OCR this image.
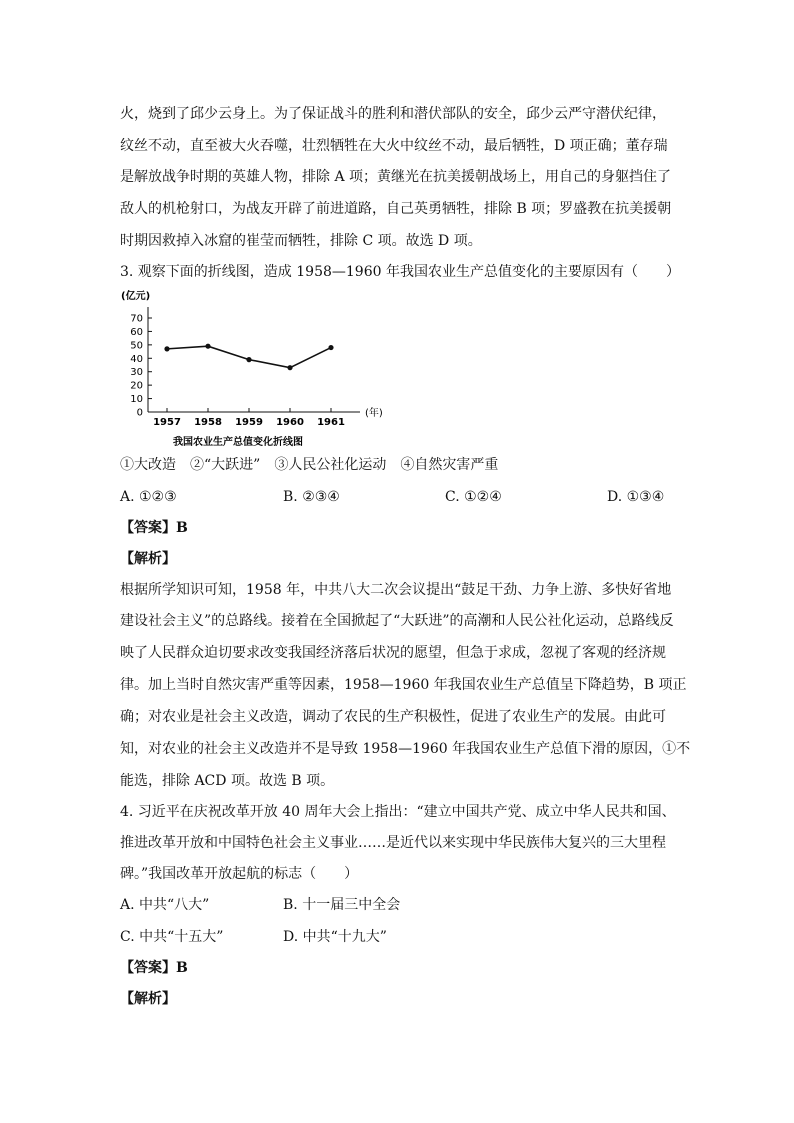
火，烧到了邱少云身上。为了保证战斗的胜利和潜伏部队的安全，邱少云严守潜伏纪律，
纹丝不动，直至被大火吞噬，壮烈牺牲在大火中纹丝不动，最后牺牲，D 项正确；董存瑞
是解放战争时期的英雄人物，排除 A 项；黄继光在抗美援朝战场上，用自己的身躯挡住了
敌人的机枪射口，为战友开辟了前进道路，自己英勇牺牲，排除 B 项；罗盛教在抗美援朝
时期因救掉入冰窟的崔莹而牺牲，排除 C 项。故选 D 项。
3. 观察下面的折线图，造成 1958—1960 年我国农业生产总值变化的主要原因有（　　）
(亿元)
0
10
20
30
40
50
60
70
1957 1958 1959 1960 1961
(年)
我国农业生产总值变化折线图
①大改造　②“大跃进”　③人民公社化运动　④自然灾害严重
A. ①②③	B. ②③④	C. ①②④	D. ①③④
【答案】B
【解析】
根据所学知识可知，1958 年，中共八大二次会议提出“鼓足干劲、力争上游、多快好省地
建设社会主义”的总路线。接着在全国掀起了“大跃进”的高潮和人民公社化运动，总路线反
映了人民群众迫切要求改变我国经济落后状况的愿望，但急于求成，忽视了客观的经济规
律。加上当时自然灾害严重等因素，1958—1960 年我国农业生产总值呈下降趋势，B 项正
确；对农业是社会主义改造，调动了农民的生产积极性，促进了农业生产的发展。由此可
知，对农业的社会主义改造并不是导致 1958—1960 年我国农业生产总值下滑的原因，①不
能选，排除 ACD 项。故选 B 项。
4. 习近平在庆祝改革开放 40 周年大会上指出：“建立中国共产党、成立中华人民共和国、
推进改革开放和中国特色社会主义事业……是近代以来实现中华民族伟大复兴的三大里程
碑。”我国改革开放起航的标志（　　）
A. 中共“八大”	B. 十一届三中全会
C. 中共“十五大”	D. 中共“十九大”
【答案】B
【解析】
